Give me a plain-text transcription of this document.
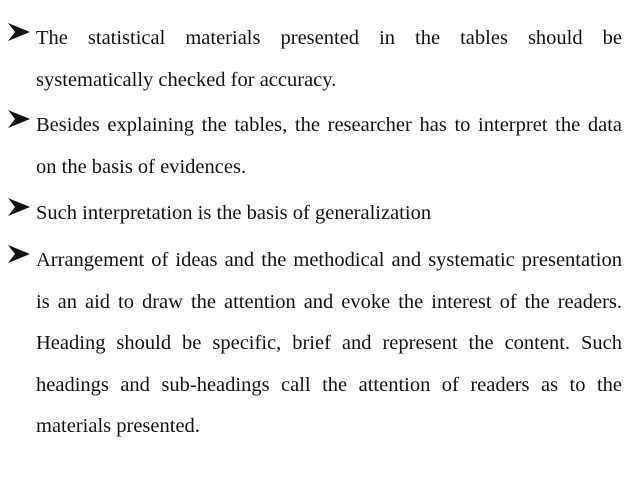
The statistical materials presented in the tables should be systematically checked for accuracy.
Besides explaining the tables, the researcher has to interpret the data on the basis of evidences.
Such interpretation is the basis of generalization
Arrangement of ideas and the methodical and systematic presentation is an aid to draw the attention and evoke the interest of the readers. Heading should be specific, brief and represent the content. Such headings and sub-headings call the attention of readers as to the materials presented.
